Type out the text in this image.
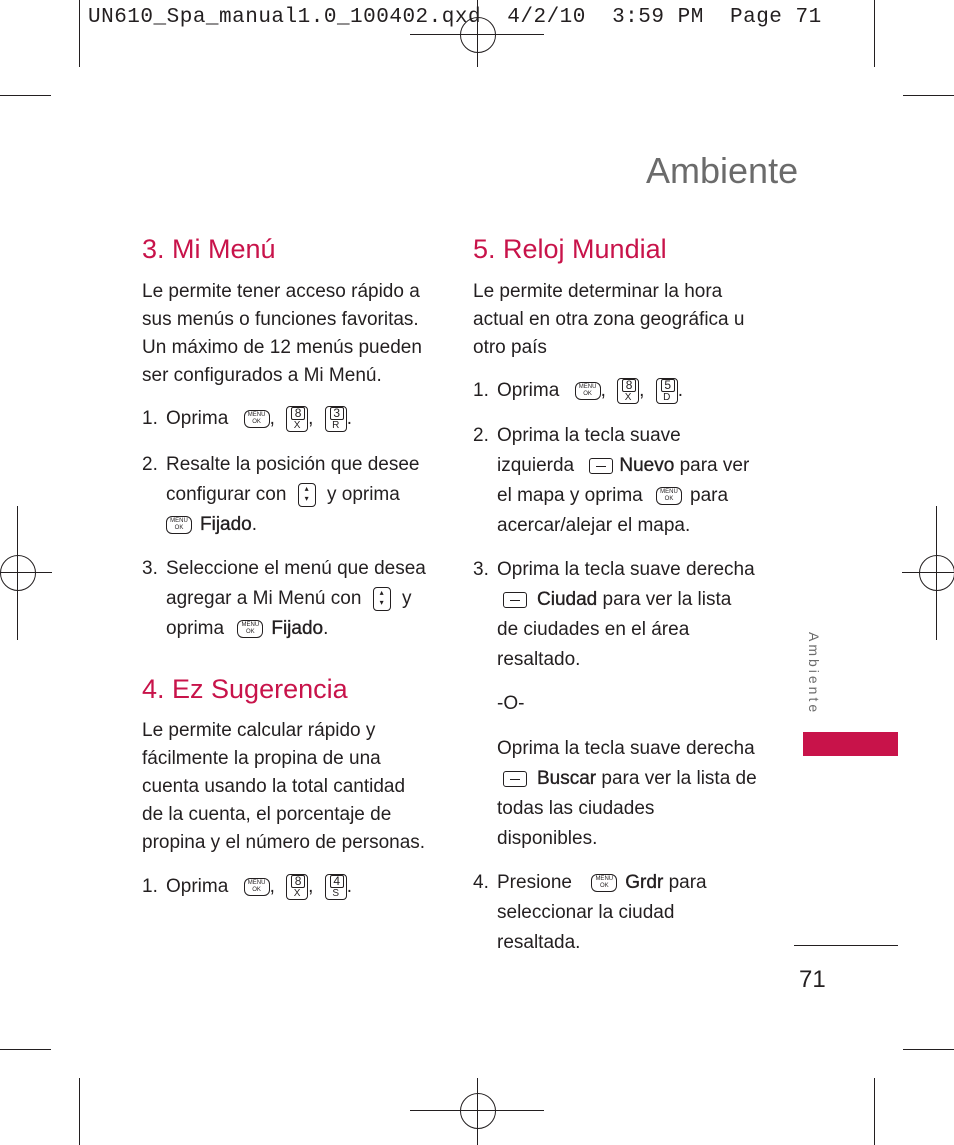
UN610_Spa_manual1.0_100402.qxd  4/2/10  3:59 PM  Page 71
Ambiente
3. Mi Menú
Le permite tener acceso rápido a
sus menús o funciones favoritas.
Un máximo de 12 menús pueden
ser configurados a Mi Menú.
1. Oprima	MENU
OK ,	8
X ,	3
R .
2. Resalte la posición que desee
configurar con ▴
▾ y oprima
MENU
OK Fijado.
3. Seleccione el menú que desea
agregar a Mi Menú con ▴
▾ y
oprima	MENU
OK Fijado.
4. Ez Sugerencia
Le permite calcular rápido y
fácilmente la propina de una
cuenta usando la total cantidad
de la cuenta, el porcentaje de
propina y el número de personas.
1. Oprima	MENU
OK ,	8
X ,	4
S .
5. Reloj Mundial
Le permite determinar la hora
actual en otra zona geográfica u
otro país
1. Oprima	MENU
OK ,	8
X ,	5
D .
2. Oprima la tecla suave
izquierda Nuevo para ver
el mapa y oprima	MENU
OK para
acercar/alejar el mapa.
3. Oprima la tecla suave derecha
Ciudad para ver la lista
de ciudades en el área
resaltado.
-O-
Oprima la tecla suave derecha
Buscar para ver la lista de
todas las ciudades
disponibles.
4. Presione	MENU
OK Grdr para
seleccionar la ciudad
resaltada.
Ambiente
71
